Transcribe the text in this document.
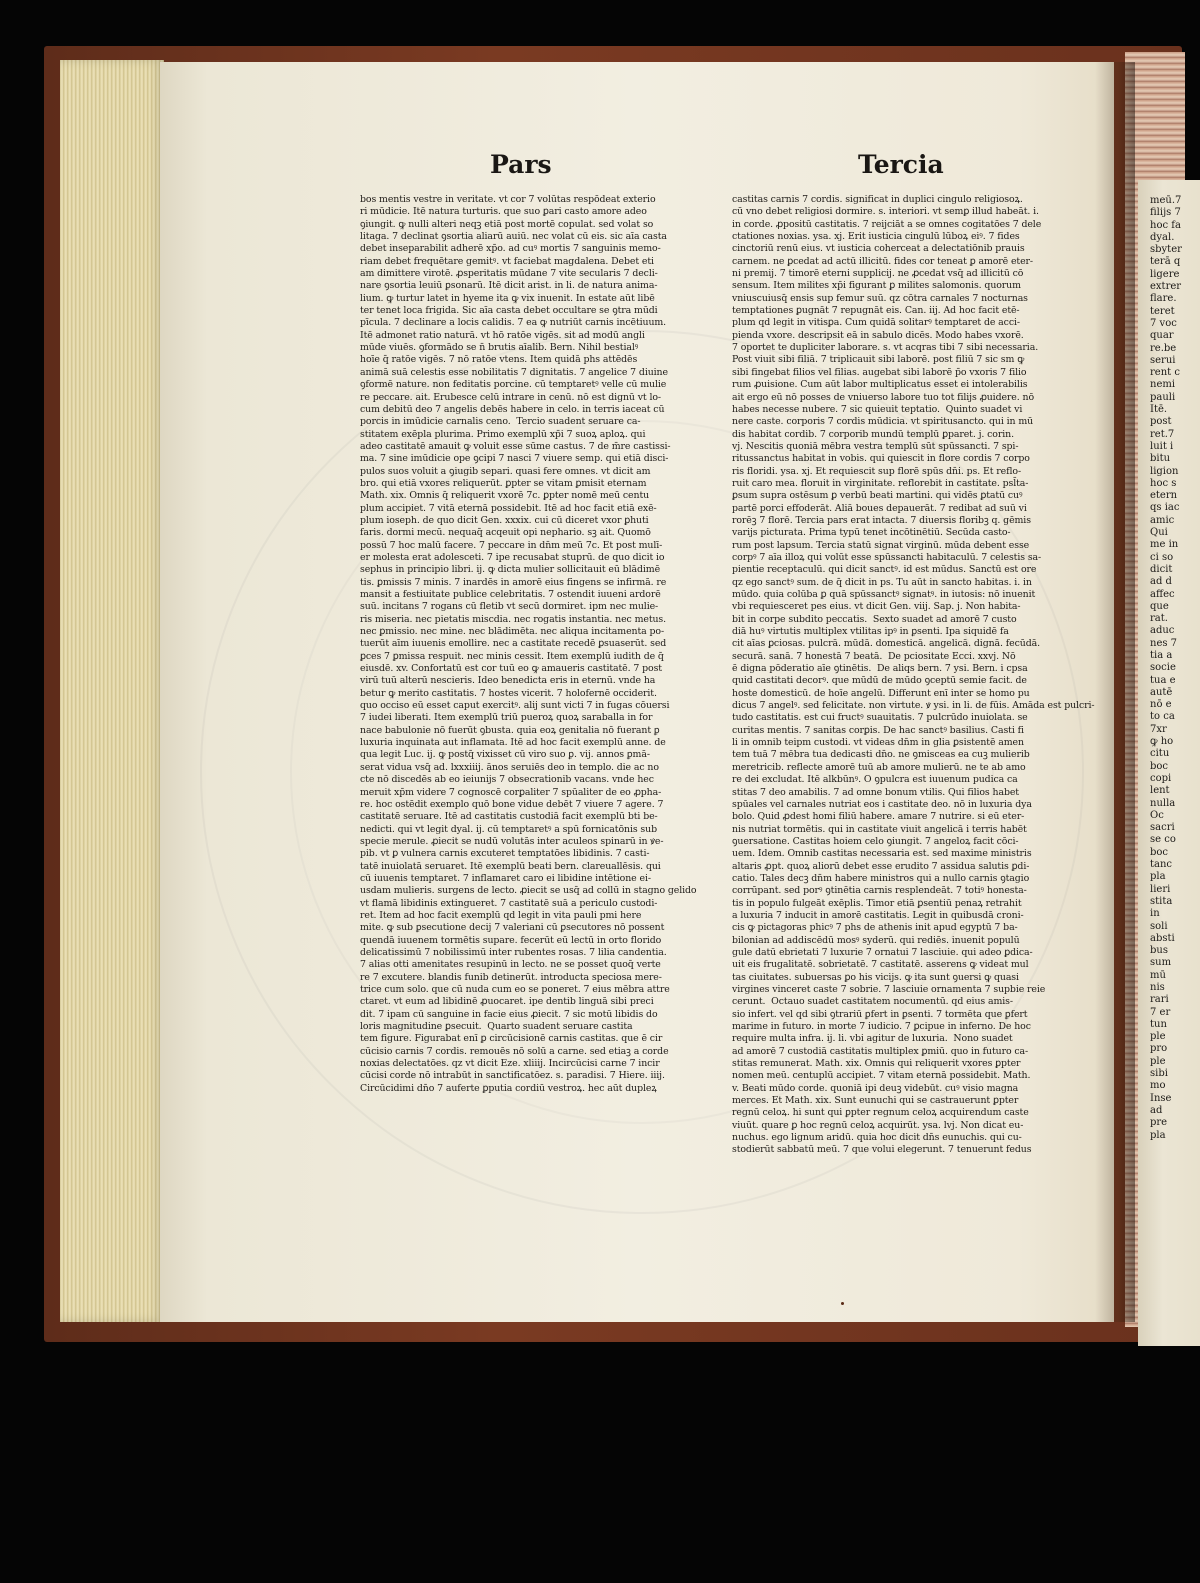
Pars	Tercia
bos mentis vestre in veritate. vt cor 7 volūtas respōdeat exterio
ri mūdicie. Itē natura turturis. que suo ꝑari casto amore adeo
ꝯiungit. ꝙ nulli alteri neqꝫ etiā post mortē copulat. sed volat so
litaga. 7 declinat ꝯsortia aliarū auiū. nec volat cū eis. sic aīa casta
debet inseparabilit adherē xp̄o. ad cuꝰ mortis 7 sanguinis memo-
riam debet frequētare gemitꝰ. vt faciebat magdalena. Debet eti
am dimittere virotē. ꝓsperitatis mūdane 7 vite secularis 7 decli-
nare ꝯsortia leuiū ꝑsonarū. Itē dicit arist. in li. de natura anima-
lium. ꝙ turtur latet in hyeme ita ꝙ vix inuenit. In estate aūt libē
ter tenet loca frigida. Sic aīa casta debet occultare se ꝯtra mūdi
pīcula. 7 declinare a locis calidis. 7 ea ꝙ nutriūt carnis incētiuum.
Itē admonet ratio naturā. vt hō ratōe vigēs. sit ad modū angli
mūde viuēs. ꝯformādo se n̄ brutis aīalib. Bern. Nihil bestialꝰ
hoīe q̄ ratōe vigēs. 7 nō ratōe vtens. Item quidā phs attēdēs
animā suā celestis esse nobilitatis 7 dignitatis. 7 angelice 7 diuine
ꝯformē nature. non feditatis porcine. cū temptaretꝰ velle cū mulie
re peccare. ait. Erubesce celū intrare in cenū. nō est dignū vt lo-
cum debitū deo 7 angelis debēs habere in celo. in terris iaceat cū
porcis in imūdicie carnalis ceno.  Tercio suadent seruare ca-
stitatem exēpla plurima. Primo exemplū xp̄i 7 suoꝝ aploꝝ. qui
adeo castitatē amauit ꝙ voluit esse sūme castus. 7 de m̄re castissi-
ma. 7 sine imūdicie ope ꝯcipi 7 nasci 7 viuere semp. qui etiā disci-
pulos suos voluit a ꝯiugib separi. quasi fere omnes. vt dicit am
bro. qui etiā vxores reliquerūt. ꝑpter se vitam ꝑmisit eternam
Math. xix. Omnis q̄ reliquerit vxorē 7c. ꝑpter nomē meū centu
plum accipiet. 7 vitā eternā possidebit. Itē ad hoc facit etiā exē-
plum ioseph. de quo dicit Gen. xxxix. cui cū diceret vxor ꝑhuti
faris. dormi mecū. nequaq̄ acqeuit opi nephario. sꝫ ait. Quomō
possū 7 hoc malū facere. 7 peccare in dn̄m meū 7c. Et post mulī-
er molesta erat adolesceti. 7 ipe recusabat stuprū. de quo dicit io
sephus in principio libri. ij. ꝙ dicta mulier sollicitauit eū blādimē
tis. ꝑmissis 7 minis. 7 inardēs in amorē eius fingens se infirmā. re
mansit a festiuitate publice celebritatis. 7 ostendit iuueni ardorē
suū. incitans 7 rogans cū fletib vt secū dormiret. ipm nec mulie-
ris miseria. nec pietatis miscdia. nec rogatis instantia. nec metus.
nec ꝑmissio. nec mine. nec blādimēta. nec aliqua incitamenta po-
tuerūt aīm iuuenis emollire. nec a castitate recedē ꝑsuaserūt. sed
ꝑces 7 ꝑmissa respuit. nec minis cessit. Item exemplū iudith de q̄
eiusdē. xv. Confortatū est cor tuū eo ꝙ amaueris castitatē. 7 post
virū tuū alterū nescieris. Ideo benedicta eris in eternū. vnde ha
betur ꝙ merito castitatis. 7 hostes vicerit. 7 holofernē occiderit.
quo occiso eū esset caput exercitꝰ. alij sunt victi 7 in fugas cōuersi
7 iudei liberati. Item exemplū triū pueroꝝ quoꝝ saraballa in for
nace babulonie nō fuerūt ꝯbusta. quia eoꝝ genitalia nō fuerant ꝑ
luxuria inquinata aut inflamata. Itē ad hoc facit exemplū anne. de
qua legit Luc. ij. ꝙ postq̄ vixisset cū viro suo ꝑ. vij. annos ꝑmā-
serat vidua vsq̄ ad. lxxxiiij. ānos seruiēs deo in templo. die ac no
cte nō discedēs ab eo ieiunijs 7 obsecrationib vacans. vnde hec
meruit xp̄m videre 7 cognoscē corꝑaliter 7 spūaliter de eo ꝓpha-
re. hoc ostēdit exemplo quō bone vidue debēt 7 viuere 7 agere. 7
castitatē seruare. Itē ad castitatis custodiā facit exemplū bti be-
nedicti. qui vt legit dyal. ij. cū temptaretꝰ a spū fornicatōnis sub
specie merule. ꝓiecit se nudū volutās inter aculeos spinarū in ꝟe-
pib. vt ꝑ vulnera carnis excuteret temptatōes libidinis. 7 casti-
tatē inuiolatā seruaret. Itē exemplū beati bern. clareuallēsis. qui
cū iuuenis temptaret. 7 inflamaret caro ei libidine intētione ei-
usdam mulieris. surgens de lecto. ꝓiecit se usq̄ ad collū in stagno gelido
vt flamā libidinis extingueret. 7 castitatē suā a periculo custodi-
ret. Item ad hoc facit exemplū qd legit in vita pauli pmi here
mite. ꝙ sub ꝑsecutione decij 7 valeriani cū ꝑsecutores nō possent
quendā iuuenem tormētis supare. fecerūt eū lectū in orto florido
delicatissimū 7 nobilissimū inter rubentes rosas. 7 lilia candentia.
7 alias otti amenitates resupinū in lecto. ne se posset quoq̄ verte
re 7 excutere. blandis funib detinerūt. introducta speciosa mere-
trice cum solo. que cū nuda cum eo se poneret. 7 eius mēbra attre
ctaret. vt eum ad libidinē ꝓuocaret. ipe dentib linguā sibi preci
dit. 7 ipam cū sanguine in facie eius ꝓiecit. 7 sic motū libidis do
loris magnitudine ꝑsecuit.  Quarto suadent seruare castita
tem figure. Figurabat enī ꝑ circūcisionē carnis castitas. que ē cir
cūcisio carnis 7 cordis. remouēs nō solū a carne. sed etiaꝫ a corde
noxias delectatōes. qz vt dicit Eze. xliiij. Incircūcisi carne 7 incir
cūcisi corde nō intrabūt in sanctificatōez. s. paradisi. 7 Hiere. iiij.
Circūcidimi dn̄o 7 auferte ꝑputia cordiū vestroꝝ. hec aūt dupleꝝ

castitas carnis 7 cordis. significat in duplici cingulo religiosoꝝ.
cū vno debet religiosi dormire. s. interiori. vt semꝑ illud habeāt. i.
in corde. ꝓpositū castitatis. 7 reijciāt a se omnes cogitatōes 7 dele
ctationes noxias. ysa. xj. Erit iusticia cingulū lūboꝝ eiꝰ. 7 fides
cinctoriū renū eius. vt iusticia coherceat a delectatiōnib prauis
carnem. ne ꝑcedat ad actū illicitū. fides cor teneat ꝑ amorē eter-
ni premij. 7 timorē eterni supplicij. ne ꝓcedat vsq̄ ad illicitū cō
sensum. Item milites xp̄i figurant ꝑ milites salomonis. quorum
vniuscuiusq̄ ensis sup femur suū. qz cōtra carnales 7 nocturnas
temptationes ꝑugnāt 7 repugnāt eis. Can. iij. Ad hoc facit etē-
plum qd legit in vitisꝑa. Cum quidā solitarꝰ temptaret de acci-
pienda vxore. descripsit eā in sabulo dicēs. Modo habes vxorē.
7 oportet te dupliciter laborare. s. vt acqras tibi 7 sibi necessaria.
Post viuit sibi filiā. 7 triplicauit sibi laborē. post filiū 7 sic sm ꝙ
sibi fingebat filios vel filias. augebat sibi laborē p̄o vxoris 7 filio
rum ꝓuisione. Cum aūt labor multiplicatus esset ei intolerabilis
ait ergo eū nō posses de vniuerso labore tuo tot filijs ꝓuidere. nō
habes necesse nubere. 7 sic quieuit teptatio.  Quinto suadet vi
nere caste. corporis 7 cordis mūdicia. vt spiritusancto. qui in mū
dis habitat cordib. 7 corporib mundū templū ꝑparet. j. corin.
vj. Nescitis quoniā mēbra vestra templū sūt spūssancti. 7 spi-
ritussanctus habitat in vobis. qui quiescit in flore cordis 7 corpo
ris floridi. ysa. xj. Et requiescit sup florē spūs dn̄i. ps. Et reflo-
ruit caro mea. floruit in virginitate. reflorebit in castitate. psl̄ta-
ꝑsum supra ostēsum ꝑ verbū beati martini. qui vidēs ꝑtatū cuꝰ
partē porci effoderāt. Aliā boues depauerāt. 7 redibat ad suū vi
rorēꝫ 7 florē. Tercia pars erat intacta. 7 diuersis floribꝫ q. gēmis
varijs picturata. Prima typū tenet incōtinētiū. Secūda casto-
rum post lapsum. Tercia statū signat virginū. mūda debent esse
corpꝰ 7 aīa illoꝝ qui volūt esse spūssancti habitaculū. 7 celestis sa-
pientie receptaculū. qui dicit sanctꝰ. id est mūdus. Sanctū est ore
qz ego sanctꝰ sum. de q̄ dicit in ps. Tu aūt in sancto habitas. i. in
mūdo. quia colūba ꝑ quā spūssanctꝰ signatꝰ. in iutosis: nō inuenit
vbi requiesceret pes eius. vt dicit Gen. viij. Sap. j. Non habita-
bit in corpe subdito peccatis.  Sexto suadet ad amorē 7 custo
diā huꝰ virtutis multiplex vtilitas ipꝰ in ꝑsenti. Ipa siquidē fa
cit aīas ꝑciosas. pulcrā. mūdā. domesticā. angelicā. dignā. fecūdā.
securā. sanā. 7 honestā 7 beatā.  De pciositate Ecci. xxvj. Nō
ē digna pōderatio aīe ꝯtinētis.  De aliqs bern. 7 ysi. Bern. i cpsa
quid castitati decorꝰ. que mūdū de mūdo ꝯceptū semie facit. de
hoste domesticū. de hoīe angelū. Differunt enī inter se homo pu
dicus 7 angelꝰ. sed felicitate. non virtute. ꝟ ysi. in li. de fūis. Amāda est pulcri-
tudo castitatis. est cui fructꝰ suauitatis. 7 pulcrūdo inuiolata. se
curitas mentis. 7 sanitas corꝑis. De hac sanctꝰ basilius. Casti fi
li in omnib teipm custodi. vt videas dn̄m in glia ꝑsistentē amen
tem tuā 7 mēbra tua dedicasti dn̄o. ne ꝯmisceas ea cuꝫ mulierib
meretricib. reflecte amorē tuū ab amore mulierū. ne te ab amo
re dei excludat. Itē alkbūnꝰ. O ꝯpulcra est iuuenum pudica ca
stitas 7 deo amabilis. 7 ad omne bonum vtilis. Qui filios habet
spūales vel carnales nutriat eos i castitate deo. nō in luxuria dya
bolo. Quid ꝓdest homi filiū habere. amare 7 nutrire. si eū eter-
nis nutriat tormētis. qui in castitate viuit angelicā i terris habēt
ꝯuersatione. Castitas hoiem celo ꝯiungit. 7 angeloꝝ facit cōci-
uem. Idem. Omnib castitas necessaria est. sed maxime ministris
altaris ꝓpt. quoꝝ aliorū debet esse erudito 7 assidua salutis ꝑdi-
catio. Tales decꝫ dn̄m habere ministros qui a nullo carnis ꝯtagio
corrūpant. sed porꝰ ꝯtinētia carnis resplendeāt. 7 totiꝰ honesta-
tis in populo fulgeāt exēplis. Timor etiā ꝑsentiū penaꝝ retrahit
a luxuria 7 inducit in amorē castitatis. Legit in quibusdā croni-
cis ꝙ pictagoras phicꝰ 7 phs de athenis init apud egyptū 7 ba-
bilonian ad addiscēdū mosꝰ syderū. qui rediēs. inuenit populū
gule datū ebrietati 7 luxurie 7 ornatui 7 lasciuie. qui adeo ꝑdica-
uit eis frugalitatē. sobrietatē. 7 castitatē. asserens ꝙ videat mul
tas ciuitates. subuersas ꝑo his vicijs. ꝙ ita sunt ꝯuersi ꝙ quasi
virgines vinceret caste 7 sobrie. 7 lasciuie ornamenta 7 supbie reie
cerunt.  Octauo suadet castitatem nocumentū. qd eius amis-
sio infert. vel qd sibi ꝯtrariū ꝑfert in ꝑsenti. 7 tormēta que ꝑfert
marime in futuro. in morte 7 iudicio. 7 ꝑcipue in inferno. De hoc
require multa infra. ij. li. vbi agitur de luxuria.  Nono suadet
ad amorē 7 custodiā castitatis multiplex ꝑmiū. quo in futuro ca-
stitas remunerat. Math. xix. Omnis qui reliquerit vxores ꝑpter
nomen meū. centuplū accipiet. 7 vitam eternā possidebit. Math.
v. Beati mūdo corde. quoniā ipi deuꝫ videbūt. cuꝰ visio magna
merces. Et Math. xix. Sunt eunuchi qui se castrauerunt ꝑpter
regnū celoꝝ. hi sunt qui ꝑpter regnum celoꝝ acquirendum caste
viuūt. quare ꝑ hoc regnū celoꝝ acquirūt. ysa. lvj. Non dicat eu-
nuchus. ego lignum aridū. quia hoc dicit dn̄s eunuchis. qui cu-
stodierūt sabbatū meū. 7 que volui elegerunt. 7 tenuerunt fedus

meū.7
filijs 7
hoc fa
dyal.
sbyter
terā q
ligere
extrer
flare.
teret
7 voc
quar
re.be
serui
rent c
nemi
pauli
Itē.
post
ret.7
luit i
bitu
ligion
hoc s
etern
qs iac
amic
Qui
me in
ci so
dicit
ad d
affec
que
rat.
aduc
nes 7
tia a
socie
tua e
autē
nō e
to ca
7xr
ꝙ ho
citu
boc
copi
lent
nulla
Oc
sacri
se co
boc
tanc
pla
lieri
stita
in
soli
absti
bus
sum
mū
nis
rari
7 er
tun
ple
pro
ple
sibi
mo
Inse
ad
pre
pla
